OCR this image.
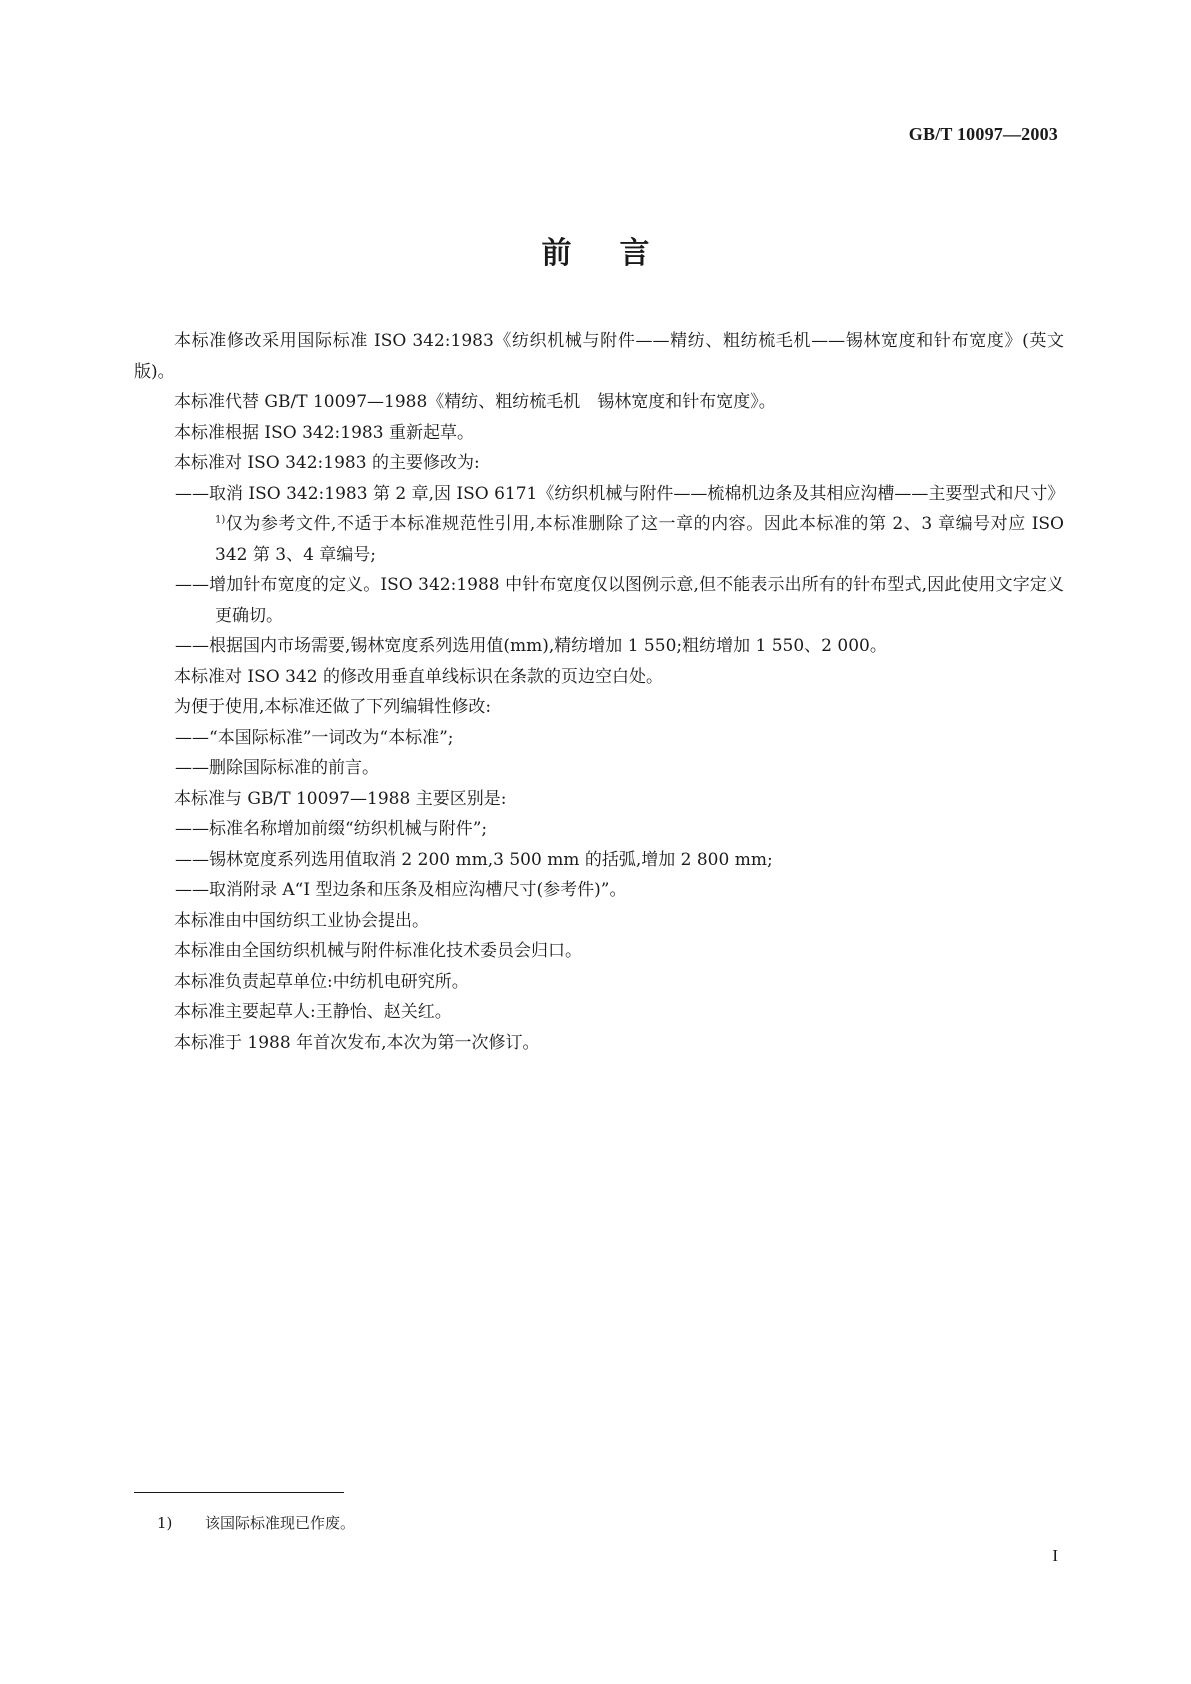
GB/T 10097—2003
前言

本标准修改采用国际标准 ISO 342:1983《纺织机械与附件——精纺、粗纺梳毛机——锡林宽度和针布宽度》(英文版)。

本标准代替 GB/T 10097—1988《精纺、粗纺梳毛机　锡林宽度和针布宽度》。

本标准根据 ISO 342:1983 重新起草。

本标准对 ISO 342:1983 的主要修改为:

——取消 ISO 342:1983 第 2 章,因 ISO 6171《纺织机械与附件——梳棉机边条及其相应沟槽——主要型式和尺寸》$^{1)}$仅为参考文件,不适于本标准规范性引用,本标准删除了这一章的内容。因此本标准的第 2、3 章编号对应 ISO 342 第 3、4 章编号;

——增加针布宽度的定义。ISO 342:1988 中针布宽度仅以图例示意,但不能表示出所有的针布型式,因此使用文字定义更确切。

——根据国内市场需要,锡林宽度系列选用值(mm),精纺增加 1 550;粗纺增加 1 550、2 000。

本标准对 ISO 342 的修改用垂直单线标识在条款的页边空白处。

为便于使用,本标准还做了下列编辑性修改:

——“本国际标准”一词改为“本标准”;

——删除国际标准的前言。

本标准与 GB/T 10097—1988 主要区别是:

——标准名称增加前缀“纺织机械与附件”;

——锡林宽度系列选用值取消 2 200 mm,3 500 mm 的括弧,增加 2 800 mm;

——取消附录 A“I 型边条和压条及相应沟槽尺寸(参考件)”。

本标准由中国纺织工业协会提出。

本标准由全国纺织机械与附件标准化技术委员会归口。

本标准负责起草单位:中纺机电研究所。

本标准主要起草人:王静怡、赵关红。

本标准于 1988 年首次发布,本次为第一次修订。

1) 该国际标准现已作废。
I
